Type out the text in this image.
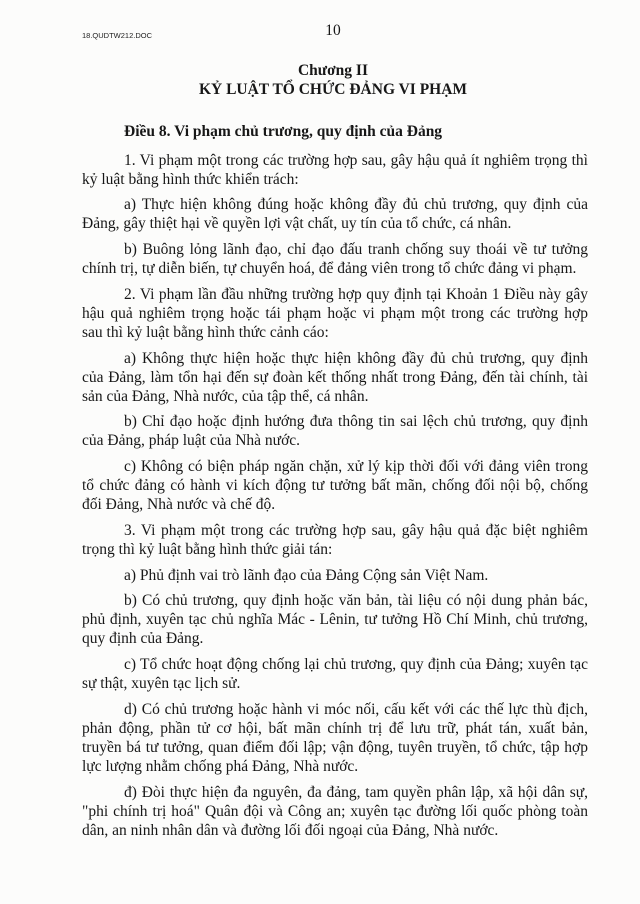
18.QUDTW212.DOC	10
Chương II
KỶ LUẬT TỔ CHỨC ĐẢNG VI PHẠM
Điều 8. Vi phạm chủ trương, quy định của Đảng
1. Vi phạm một trong các trường hợp sau, gây hậu quả ít nghiêm trọng thì
kỷ luật bằng hình thức khiển trách:
a) Thực hiện không đúng hoặc không đầy đủ chủ trương, quy định của
Đảng, gây thiệt hại về quyền lợi vật chất, uy tín của tổ chức, cá nhân.
b) Buông lỏng lãnh đạo, chỉ đạo đấu tranh chống suy thoái về tư tưởng
chính trị, tự diễn biến, tự chuyển hoá, để đảng viên trong tổ chức đảng vi phạm.
2. Vi phạm lần đầu những trường hợp quy định tại Khoản 1 Điều này gây
hậu quả nghiêm trọng hoặc tái phạm hoặc vi phạm một trong các trường hợp
sau thì kỷ luật bằng hình thức cảnh cáo:
a) Không thực hiện hoặc thực hiện không đầy đủ chủ trương, quy định
của Đảng, làm tổn hại đến sự đoàn kết thống nhất trong Đảng, đến tài chính, tài
sản của Đảng, Nhà nước, của tập thể, cá nhân.
b) Chỉ đạo hoặc định hướng đưa thông tin sai lệch chủ trương, quy định
của Đảng, pháp luật của Nhà nước.
c) Không có biện pháp ngăn chặn, xử lý kịp thời đối với đảng viên trong
tổ chức đảng có hành vi kích động tư tưởng bất mãn, chống đối nội bộ, chống
đối Đảng, Nhà nước và chế độ.
3. Vi phạm một trong các trường hợp sau, gây hậu quả đặc biệt nghiêm
trọng thì kỷ luật bằng hình thức giải tán:
a) Phủ định vai trò lãnh đạo của Đảng Cộng sản Việt Nam.
b) Có chủ trương, quy định hoặc văn bản, tài liệu có nội dung phản bác,
phủ định, xuyên tạc chủ nghĩa Mác - Lênin, tư tưởng Hồ Chí Minh, chủ trương,
quy định của Đảng.
c) Tổ chức hoạt động chống lại chủ trương, quy định của Đảng; xuyên tạc
sự thật, xuyên tạc lịch sử.
d) Có chủ trương hoặc hành vi móc nối, cấu kết với các thế lực thù địch,
phản động, phần tử cơ hội, bất mãn chính trị để lưu trữ, phát tán, xuất bản,
truyền bá tư tưởng, quan điểm đối lập; vận động, tuyên truyền, tổ chức, tập hợp
lực lượng nhằm chống phá Đảng, Nhà nước.
đ) Đòi thực hiện đa nguyên, đa đảng, tam quyền phân lập, xã hội dân sự,
"phi chính trị hoá" Quân đội và Công an; xuyên tạc đường lối quốc phòng toàn
dân, an ninh nhân dân và đường lối đối ngoại của Đảng, Nhà nước.
